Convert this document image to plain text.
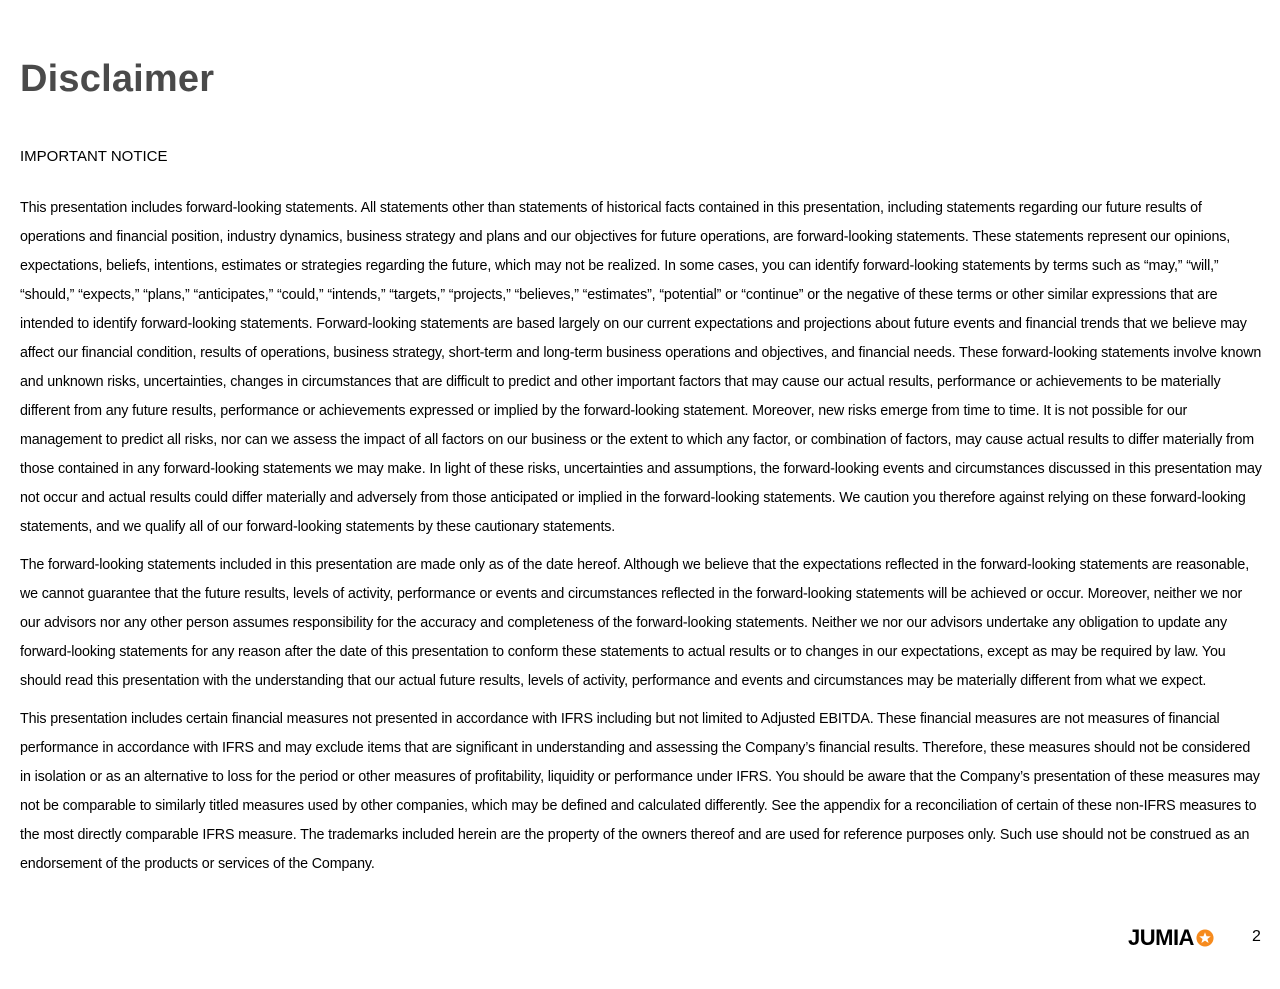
Disclaimer
IMPORTANT NOTICE

This presentation includes forward-looking statements. All statements other than statements of historical facts contained in this presentation, including statements regarding our future results of operations and financial position, industry dynamics, business strategy and plans and our objectives for future operations, are forward-looking statements. These statements represent our opinions, expectations, beliefs, intentions, estimates or strategies regarding the future, which may not be realized. In some cases, you can identify forward-looking statements by terms such as “may,” “will,” “should,” “expects,” “plans,” “anticipates,” “could,” “intends,” “targets,” “projects,” “believes,” “estimates”, “potential” or “continue” or the negative of these terms or other similar expressions that are intended to identify forward-looking statements. Forward-looking statements are based largely on our current expectations and projections about future events and financial trends that we believe may affect our financial condition, results of operations, business strategy, short-term and long-term business operations and objectives, and financial needs. These forward-looking statements involve known and unknown risks, uncertainties, changes in circumstances that are difficult to predict and other important factors that may cause our actual results, performance or achievements to be materially different from any future results, performance or achievements expressed or implied by the forward-looking statement. Moreover, new risks emerge from time to time. It is not possible for our management to predict all risks, nor can we assess the impact of all factors on our business or the extent to which any factor, or combination of factors, may cause actual results to differ materially from those contained in any forward-looking statements we may make. In light of these risks, uncertainties and assumptions, the forward-looking events and circumstances discussed in this presentation may not occur and actual results could differ materially and adversely from those anticipated or implied in the forward-looking statements. We caution you therefore against relying on these forward-looking statements, and we qualify all of our forward-looking statements by these cautionary statements.

The forward-looking statements included in this presentation are made only as of the date hereof. Although we believe that the expectations reflected in the forward-looking statements are reasonable, we cannot guarantee that the future results, levels of activity, performance or events and circumstances reflected in the forward-looking statements will be achieved or occur. Moreover, neither we nor our advisors nor any other person assumes responsibility for the accuracy and completeness of the forward-looking statements. Neither we nor our advisors undertake any obligation to update any forward-looking statements for any reason after the date of this presentation to conform these statements to actual results or to changes in our expectations, except as may be required by law. You should read this presentation with the understanding that our actual future results, levels of activity, performance and events and circumstances may be materially different from what we expect.

This presentation includes certain financial measures not presented in accordance with IFRS including but not limited to Adjusted EBITDA. These financial measures are not measures of financial performance in accordance with IFRS and may exclude items that are significant in understanding and assessing the Company’s financial results. Therefore, these measures should not be considered in isolation or as an alternative to loss for the period or other measures of profitability, liquidity or performance under IFRS. You should be aware that the Company’s presentation of these measures may not be comparable to similarly titled measures used by other companies, which may be defined and calculated differently. See the appendix for a reconciliation of certain of these non-IFRS measures to the most directly comparable IFRS measure. The trademarks included herein are the property of the owners thereof and are used for reference purposes only. Such use should not be construed as an endorsement of the products or services of the Company.

JUMIA	2
